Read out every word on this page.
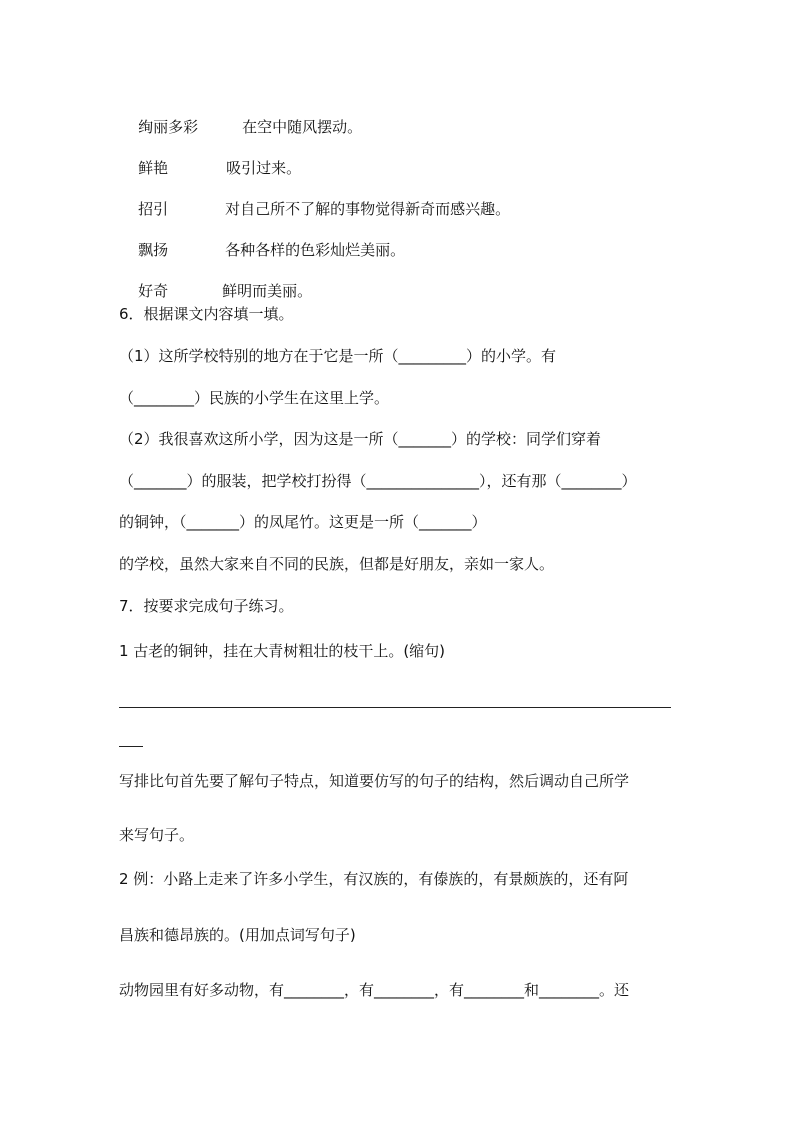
绚丽多彩	在空中随风摆动。

鲜艳	吸引过来。

招引	对自己所不了解的事物觉得新奇而感兴趣。

飘扬	各种各样的色彩灿烂美丽。

好奇	鲜明而美丽。

6．根据课文内容填一填。
（1）这所学校特别的地方在于它是一所（_________）的小学。有
（________）民族的小学生在这里上学。
（2）我很喜欢这所小学，因为这是一所（_______）的学校：同学们穿着
（_______）的服装，把学校打扮得（_______________），还有那（________）
的铜钟，（_______）的凤尾竹。这更是一所（_______）
的学校，虽然大家来自不同的民族，但都是好朋友，亲如一家人。
7．按要求完成句子练习。
1 古老的铜钟，挂在大青树粗壮的枝干上。(缩句)
写排比句首先要了解句子特点，知道要仿写的句子的结构，然后调动自己所学
来写句子。
2 例：小路上走来了许多小学生，有汉族的，有傣族的，有景颇族的，还有阿
昌族和德昂族的。(用加点词写句子)
动物园里有好多动物，有________，有________，有________和________。还
